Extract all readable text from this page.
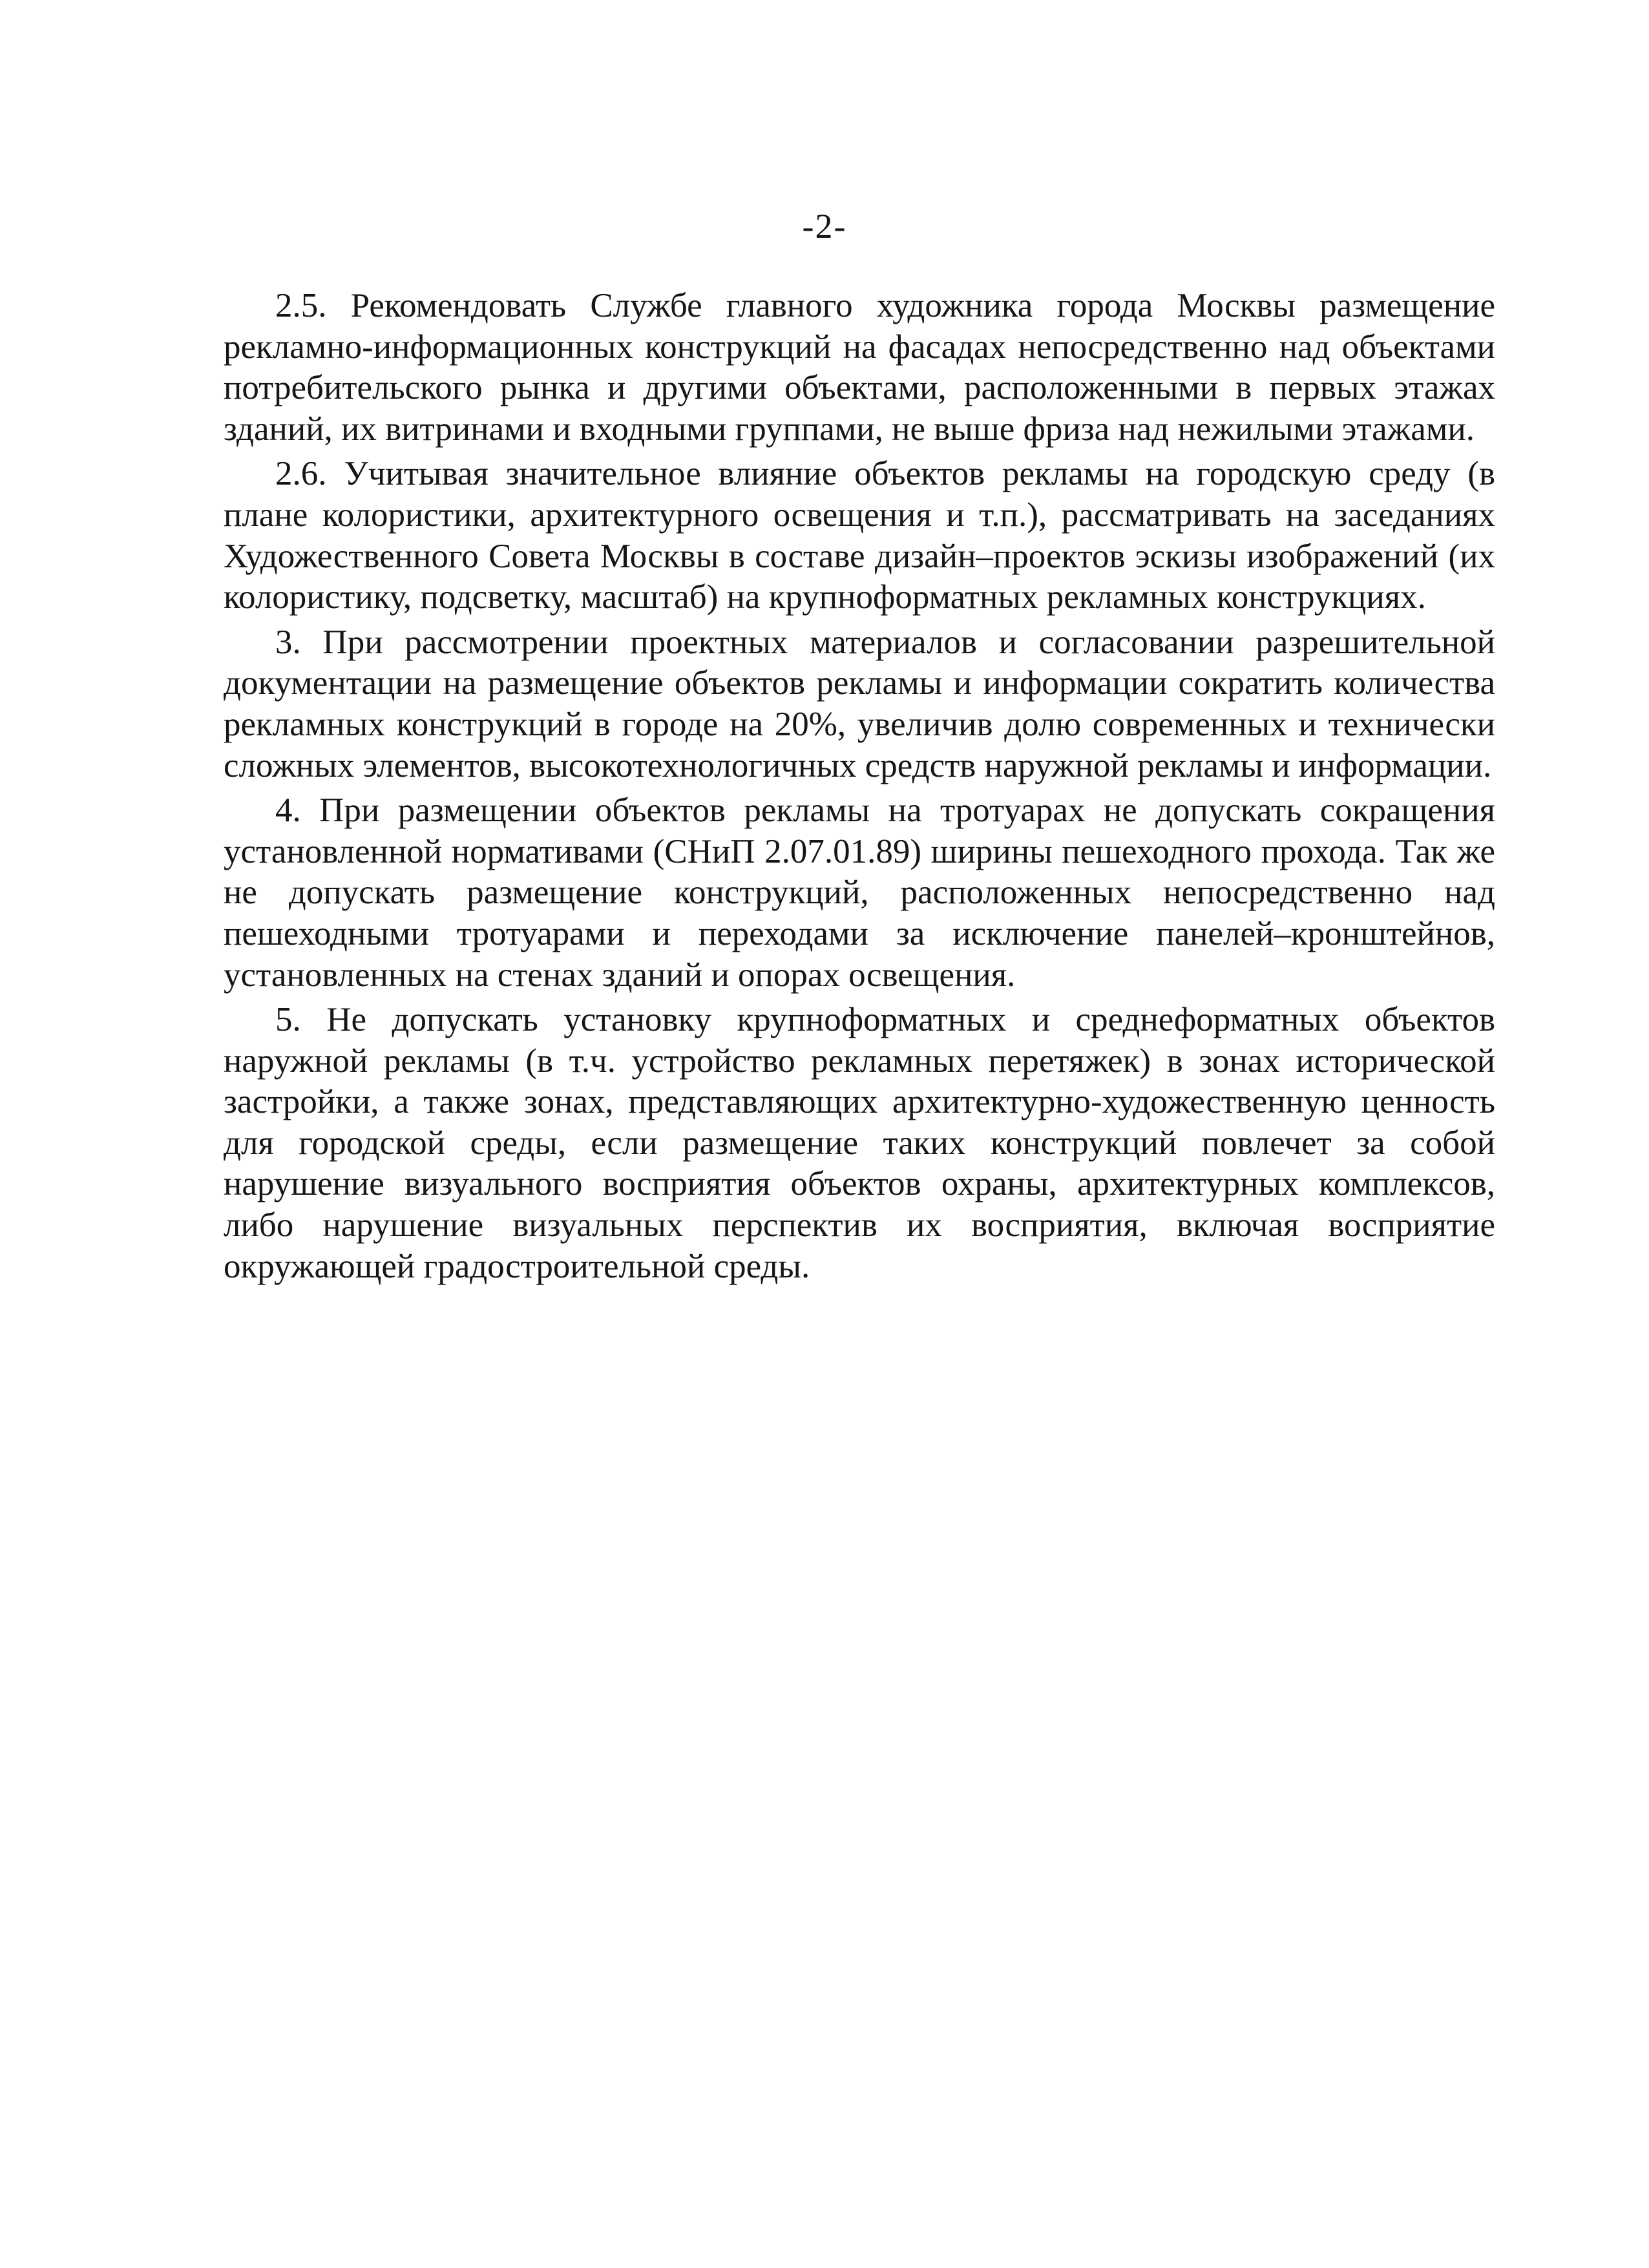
-2-

2.5. Рекомендовать Службе главного художника города Москвы размещение рекламно-информационных конструкций на фасадах непосредственно над объектами потребительского рынка и другими объектами, расположенными в первых этажах зданий, их витринами и входными группами, не выше фриза над нежилыми этажами.

2.6. Учитывая значительное влияние объектов рекламы на городскую среду (в плане колористики, архитектурного освещения и т.п.), рассматривать на заседаниях Художественного Совета Москвы в составе дизайн–проектов эскизы изображений (их колористику, подсветку, масштаб) на крупноформатных рекламных конструкциях.

3. При рассмотрении проектных материалов и согласовании разрешительной документации на размещение объектов рекламы и информации сократить количества рекламных конструкций в городе на 20%, увеличив долю современных и технически сложных элементов, высокотехнологичных средств наружной рекламы и информации.

4. При размещении объектов рекламы на тротуарах не допускать сокращения установленной нормативами (СНиП 2.07.01.89) ширины пешеходного прохода. Так же не допускать размещение конструкций, расположенных непосредственно над пешеходными тротуарами и переходами за исключение панелей–кронштейнов, установленных на стенах зданий и опорах освещения.

5. Не допускать установку крупноформатных и среднеформатных объектов наружной рекламы (в т.ч. устройство рекламных перетяжек) в зонах исторической застройки, а также зонах, представляющих архитектурно-художественную ценность для городской среды, если размещение таких конструкций повлечет за собой нарушение визуального восприятия объектов охраны, архитектурных комплексов, либо нарушение визуальных перспектив их восприятия, включая восприятие окружающей градостроительной среды.
